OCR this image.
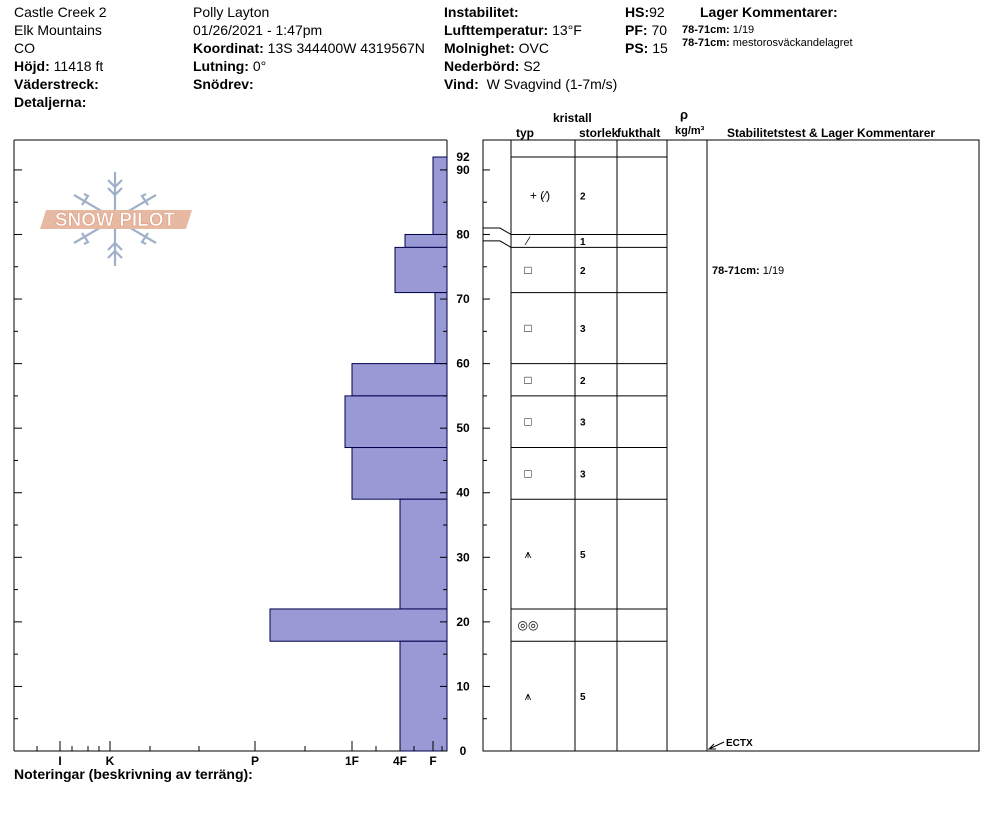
Castle Creek 2
Elk Mountains
CO
Höjd: 11418 ft
Väderstreck:
Detaljerna:
Polly Layton
01/26/2021 - 1:47pm
Koordinat: 13S 344400W 4319567N
Lutning: 0°
Snödrev:
Instabilitet:
Lufttemperatur: 13°F
Molnighet: OVC
Nederbörd: S2
Vind: W Svagvind (1-7m/s)
HS:92
PF: 70
PS: 15
Lager Kommentarer:
78-71cm: 1/19
78-71cm: mestorosväckandelagret
kristall
typ	storlek
fukthalt
ρ
kg/m³ Stabilitetstest & Lager Kommentarer
Noteringar (beskrivning av terräng):
SNOW PILOT
I	K	P	1F	4F F
0
10
20
30
40
50
60
70
80
90
92
+ (⁄)	2
⁄	1
□	2
□	3
□	2
□	3
□	3
⩚	5
◎◎
⩚	5
78-71cm: 1/19
ECTX
